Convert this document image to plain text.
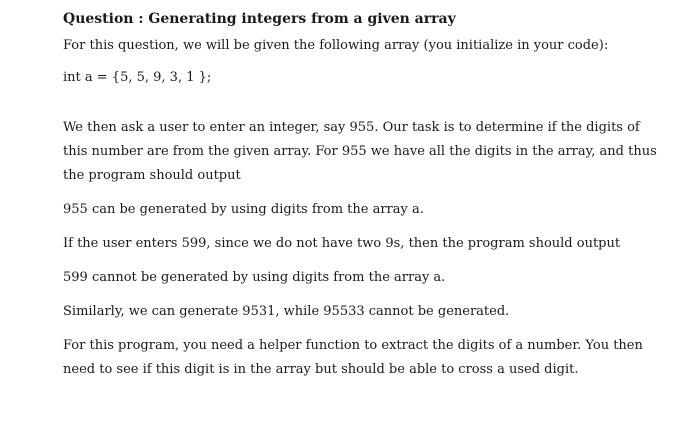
Question : Generating integers from a given array

For this question, we will be given the following array (you initialize in your code):

int a = {5, 5, 9, 3, 1 };

We then ask a user to enter an integer, say 955. Our task is to determine if the digits of this number are from the given array. For 955 we have all the digits in the array, and thus the program should output

955 can be generated by using digits from the array a.

If the user enters 599, since we do not have two 9s, then the program should output

599 cannot be generated by using digits from the array a.

Similarly, we can generate 9531, while 95533 cannot be generated.

For this program, you need a helper function to extract the digits of a number. You then need to see if this digit is in the array but should be able to cross a used digit.
